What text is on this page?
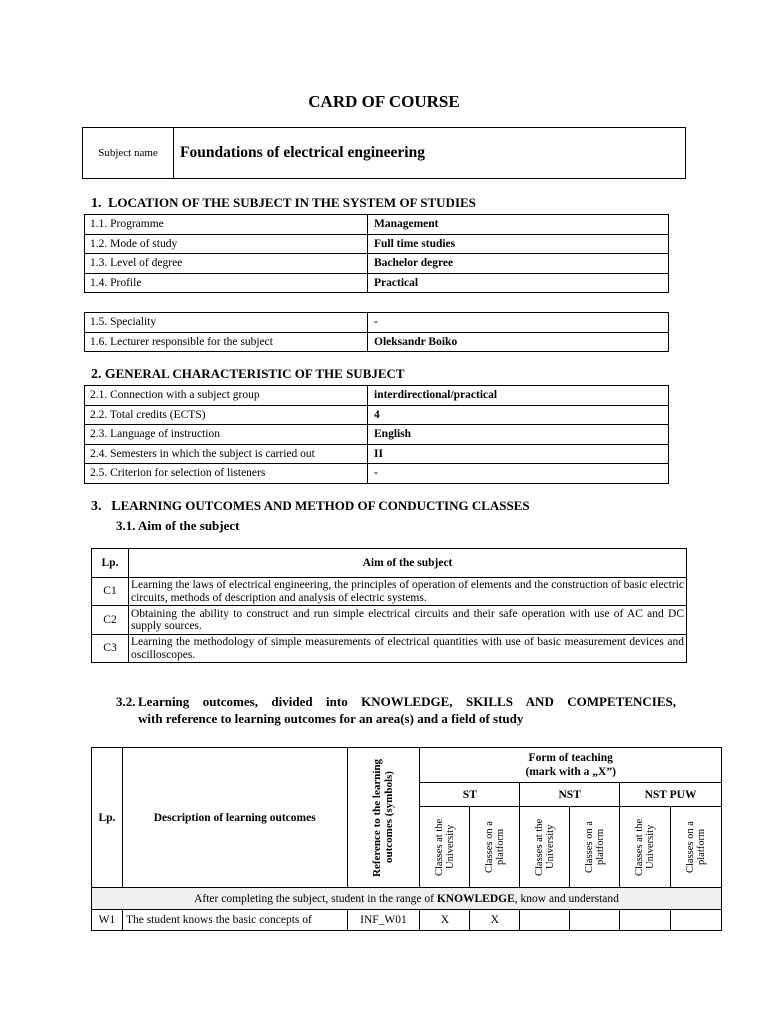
CARD OF COURSE
Subject name	Foundations of electrical engineering
1. LOCATION OF THE SUBJECT IN THE SYSTEM OF STUDIES
1.1. Programme	Management
1.2. Mode of study	Full time studies
1.3. Level of degree	Bachelor degree
1.4. Profile	Practical
1.5. Speciality	-
1.6. Lecturer responsible for the subject	Oleksandr Boiko
2. GENERAL CHARACTERISTIC OF THE SUBJECT
2.1. Connection with a subject group	interdirectional/practical
2.2. Total credits (ECTS)	4
2.3. Language of instruction	English
2.4. Semesters in which the subject is carried out	II
2.5. Criterion for selection of listeners	-
3. LEARNING OUTCOMES AND METHOD OF CONDUCTING CLASSES
3.1. Aim of the subject
Lp.	Aim of the subject
C1	Learning the laws of electrical engineering, the principles of operation of elements and the construction of basic electric circuits, methods of description and analysis of electric systems.
C2	Obtaining the ability to construct and run simple electrical circuits and their safe operation with use of AC and DC supply sources.
C3	Learning the methodology of simple measurements of electrical quantities with use of basic measurement devices and oscilloscopes.
3.2. Learning outcomes, divided into KNOWLEDGE, SKILLS AND COMPETENCIES,
with reference to learning outcomes for an area(s) and a field of study
Lp.	Description of learning outcomes	Reference to the learning outcomes (symbols)	Form of teaching
(mark with a „X”)					

			ST		NST		NST PUW	

			Classes at the University	Classes on a platform	Classes at the University	Classes on a platform	Classes at the University	Classes on a platform

After completing the subject, student in the range of KNOWLEDGE, know and understand								
W1	The student knows the basic concepts of	INF_W01	X	X				
